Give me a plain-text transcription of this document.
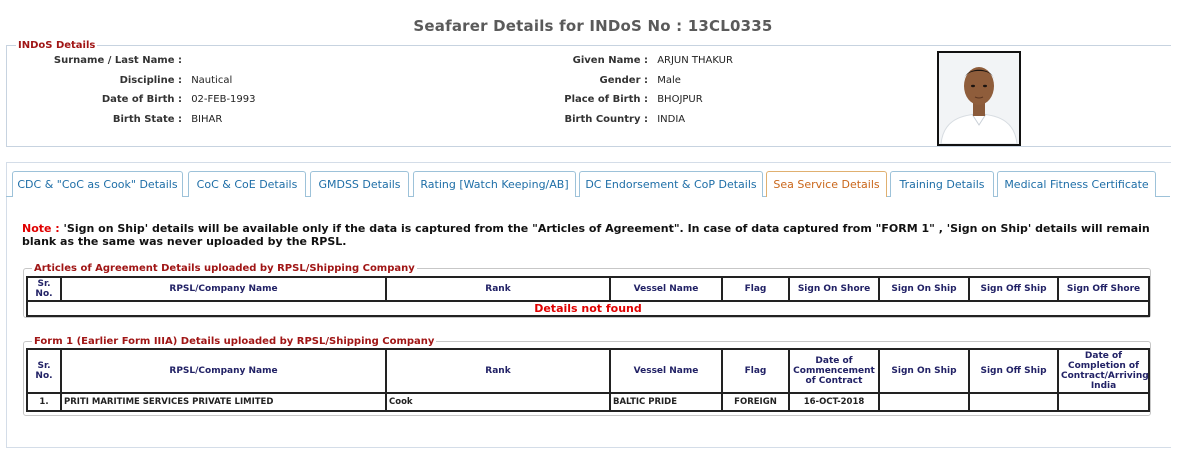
Seafarer Details for INDoS No : 13CL0335
INDoS Details
Surname / Last Name :
Discipline : Nautical
Date of Birth : 02-FEB-1993
Birth State : BIHAR
Given Name : ARJUN THAKUR
Gender : Male
Place of Birth : BHOJPUR
Birth Country : INDIA
CDC & "CoC as Cook" Details	CoC & CoE Details	GMDSS Details	Rating [Watch Keeping/AB]	DC Endorsement & CoP Details	Sea Service Details	Training Details	Medical Fitness Certificate
Note : 'Sign on Ship' details will be available only if the data is captured from the "Articles of Agreement". In case of data captured from "FORM 1" , 'Sign on Ship' details will remain blank as the same was never uploaded by the RPSL.
Articles of Agreement Details uploaded by RPSL/Shipping Company
Sr. No.	RPSL/Company Name	Rank	Vessel Name	Flag	Sign On Shore	Sign On Ship	Sign Off Ship	Sign Off Shore
Details not found
Form 1 (Earlier Form IIIA) Details uploaded by RPSL/Shipping Company
Sr. No.	RPSL/Company Name	Rank	Vessel Name	Flag	Date of Commencement of Contract	Sign On Ship	Sign Off Ship	Date of Completion of Contract/Arriving India
1.	PRITI MARITIME SERVICES PRIVATE LIMITED	Cook	BALTIC PRIDE	FOREIGN	16-OCT-2018			
